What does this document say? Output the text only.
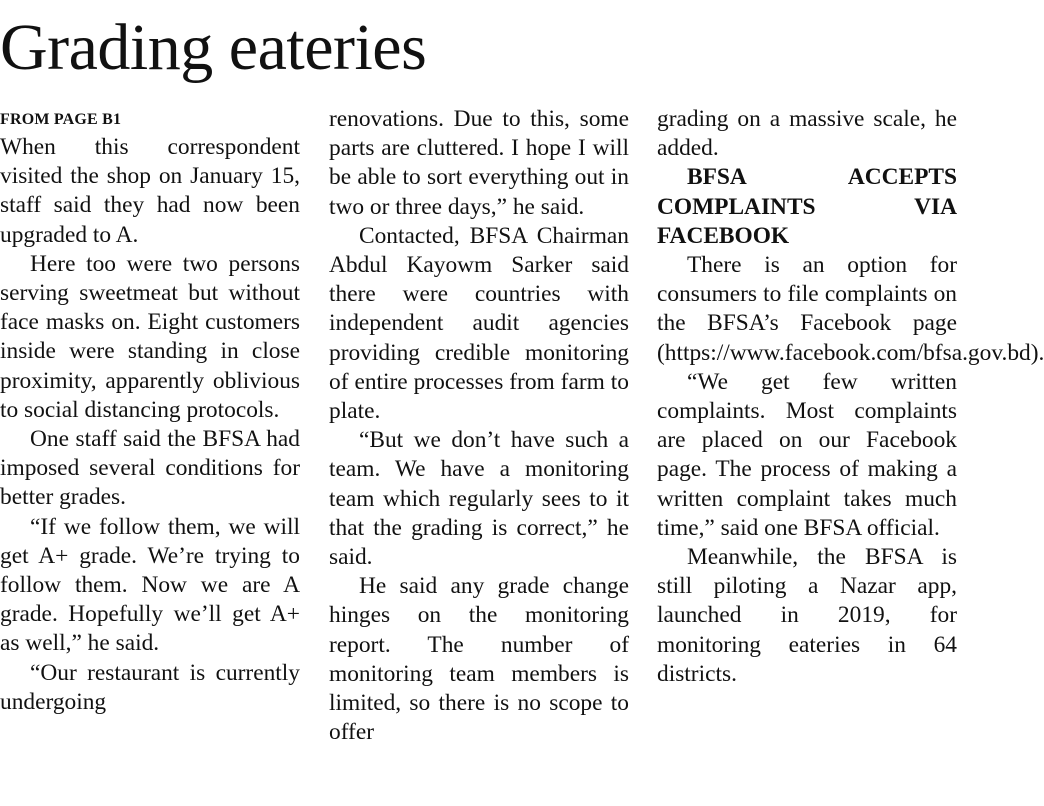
Grading eateries
FROM PAGE B1

When this correspondent visited the shop on January 15, staff said they had now been upgraded to A.

Here too were two persons serving sweetmeat but without face masks on. Eight customers inside were standing in close proximity, apparently oblivious to social distancing protocols.

One staff said the BFSA had imposed several conditions for better grades.

“If we follow them, we will get A+ grade. We’re trying to follow them. Now we are A grade. Hopefully we’ll get A+ as well,” he said.

“Our restaurant is currently undergoing

renovations. Due to this, some parts are cluttered. I hope I will be able to sort everything out in two or three days,” he said.

Contacted, BFSA Chairman Abdul Kayowm Sarker said there were countries with independent audit agencies providing credible monitoring of entire processes from farm to plate.

“But we don’t have such a team. We have a monitoring team which regularly sees to it that the grading is correct,” he said.

He said any grade change hinges on the monitoring report. The number of monitoring team members is limited, so there is no scope to offer

grading on a massive scale, he added.

BFSA ACCEPTS
COMPLAINTS VIA
FACEBOOK

There is an option for consumers to file complaints on the BFSA’s Facebook page (https://www.facebook.com/bfsa.gov.bd).

“We get few written complaints. Most complaints are placed on our Facebook page. The process of making a written complaint takes much time,” said one BFSA official.

Meanwhile, the BFSA is still piloting a Nazar app, launched in 2019, for monitoring eateries in 64 districts.
